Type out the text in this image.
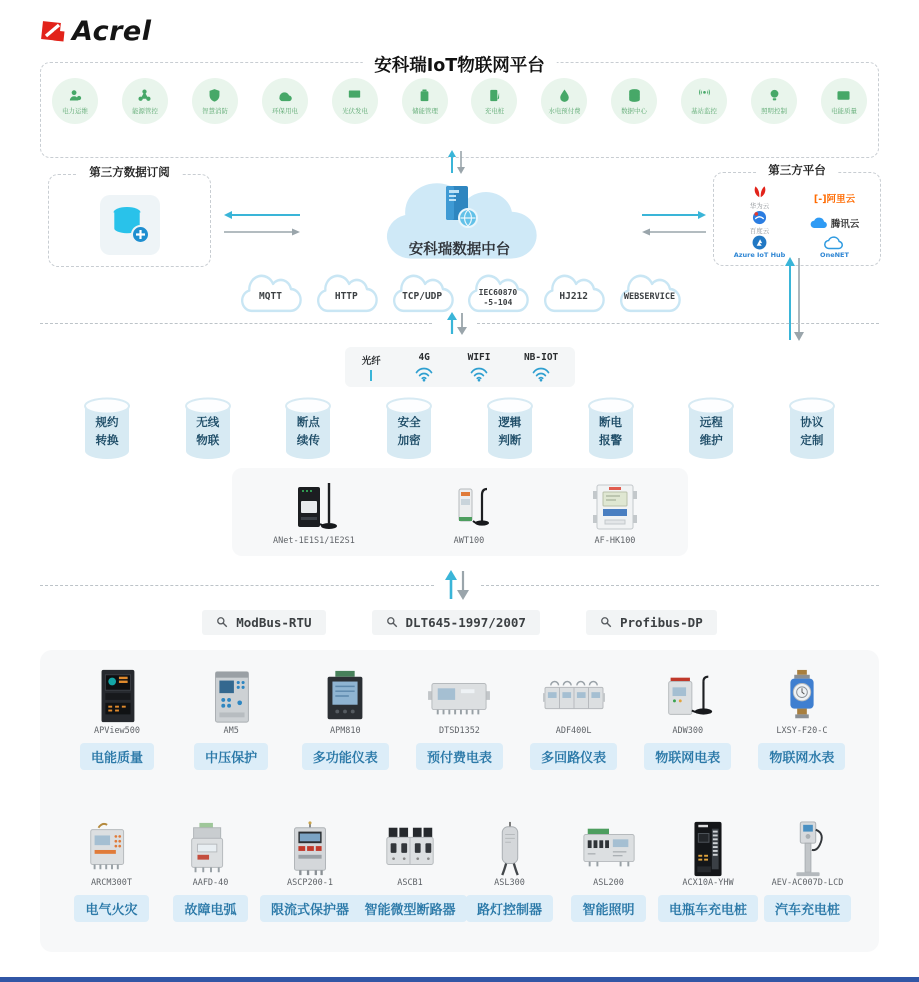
Acrel
安科瑞IoT物联网平台
电力运维	能源管控	智慧消防	环保用电	光伏发电	储能管理	充电桩	水电预付费	数据中心	基站监控	照明控制	电能质量
第三方数据订阅
安科瑞数据中台
第三方平台
华为云
[-]阿里云
百度云
腾讯云
Azure IoT Hub	OneNET
MQTT	HTTP	TCP/UDP	IEC60870
-5-104	HJ212	WEBSERVICE
光纤	4G	WIFI	NB-IOT
规约
转换
无线
物联
断点
续传
安全
加密
逻辑
判断
断电
报警
远程
维护
协议
定制
ANet-1E1S1/1E2S1	AWT100	AF-HK100
ModBus-RTU	DLT645-1997/2007	Profibus-DP
APView500
电能质量
AM5
中压保护
APM810
多功能仪表
DTSD1352
预付费电表
ADF400L
多回路仪表
ADW300
物联网电表
LXSY-F20-C
物联网水表
ARCM300T
电气火灾
AAFD-40
故障电弧
ASCP200-1
限流式保护器
ASCB1
智能微型断路器
ASL300
路灯控制器
ASL200
智能照明
ACX10A-YHW
电瓶车充电桩
AEV-AC007D-LCD
汽车充电桩
